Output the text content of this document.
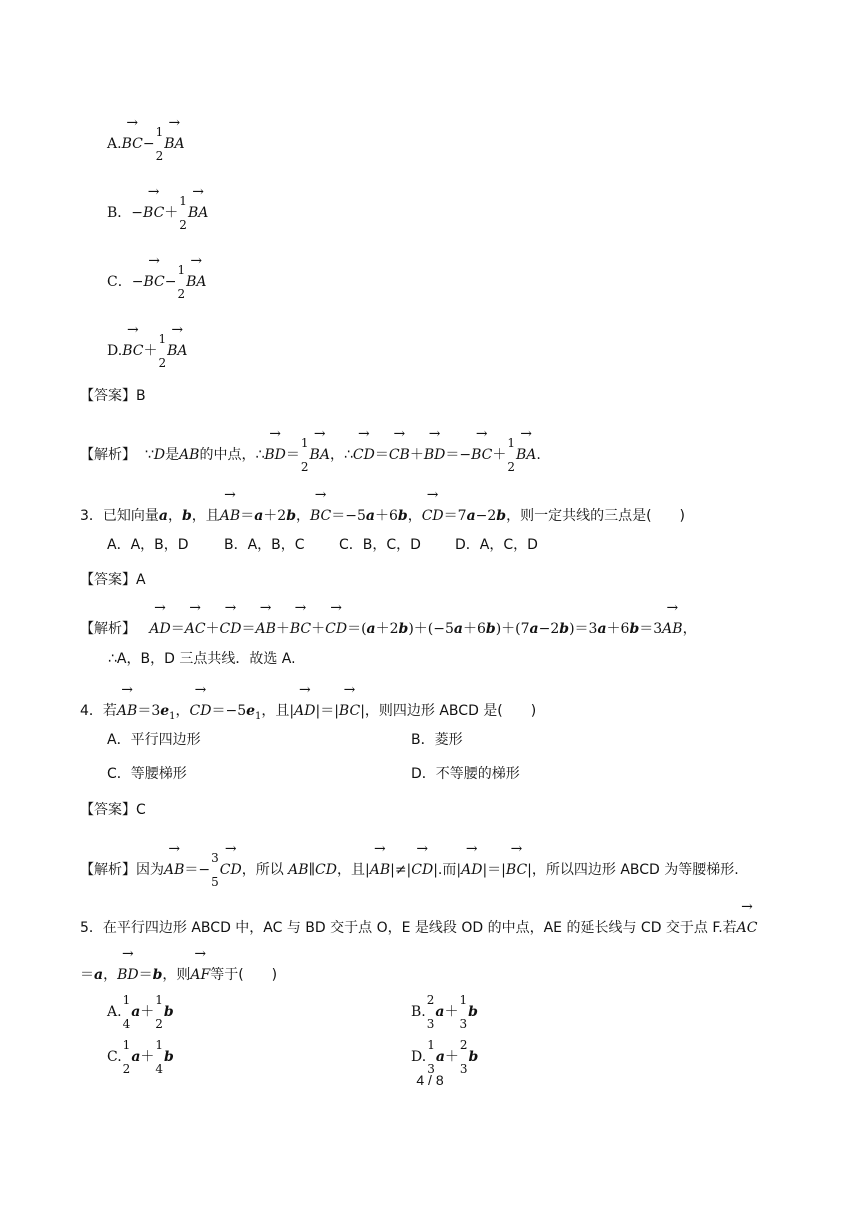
A.→ BC−
1
2
→ BA
B．−→ BC＋
1
2
→ BA
C．−→ BC−
1
2
→ BA
D.→ BC＋
1
2
→ BA
【答案】B
【解析】 ∵D是AB的中点，∴→ BD＝
1
2
→ BA，∴→ CD＝→ CB＋→ BD＝−→ BC＋
1
2
→ BA.
3．已知向量a，b，且→ AB＝a＋2b，→ BC＝−5a＋6b，→ CD＝7a−2b，则一定共线的三点是(　　)
A．A，B，D	B．A，B，C C．B，C，D D．A，C，D
【答案】A
【解析】   → AD＝→ AC＋→ CD＝→ AB＋→ BC＋→ CD＝(a＋2b)＋(−5a＋6b)＋(7a−2b)＝3a＋6b＝3→ AB，
∴A，B，D 三点共线．故选 A.
4．若→ $AB=3e_1$，→ $CD=-5e_1$，且|→ AD|＝|→ BC|，则四边形 ABCD 是(　　)
A．平行四边形	B．菱形
C．等腰梯形	D．不等腰的梯形
【答案】C
【解析】因为→ AB＝−
3
5
→ CD，所以 AB∥CD，且|→ AB|≠|→ CD|.而|→ AD|＝|→ BC|，所以四边形 ABCD 为等腰梯形.
5．在平行四边形 ABCD 中，AC 与 BD 交于点 O，E 是线段 OD 的中点，AE 的延长线与 CD 交于点 F.若→ AC
＝a，→ BD＝b，则→ AF等于(　　)
A.
1
4
a＋
1
2
b	B.
2
3
a＋
1
3
b
C.
1
2
a＋
1
4
b	D.
1
3
a＋
2
3
b
4 / 8
